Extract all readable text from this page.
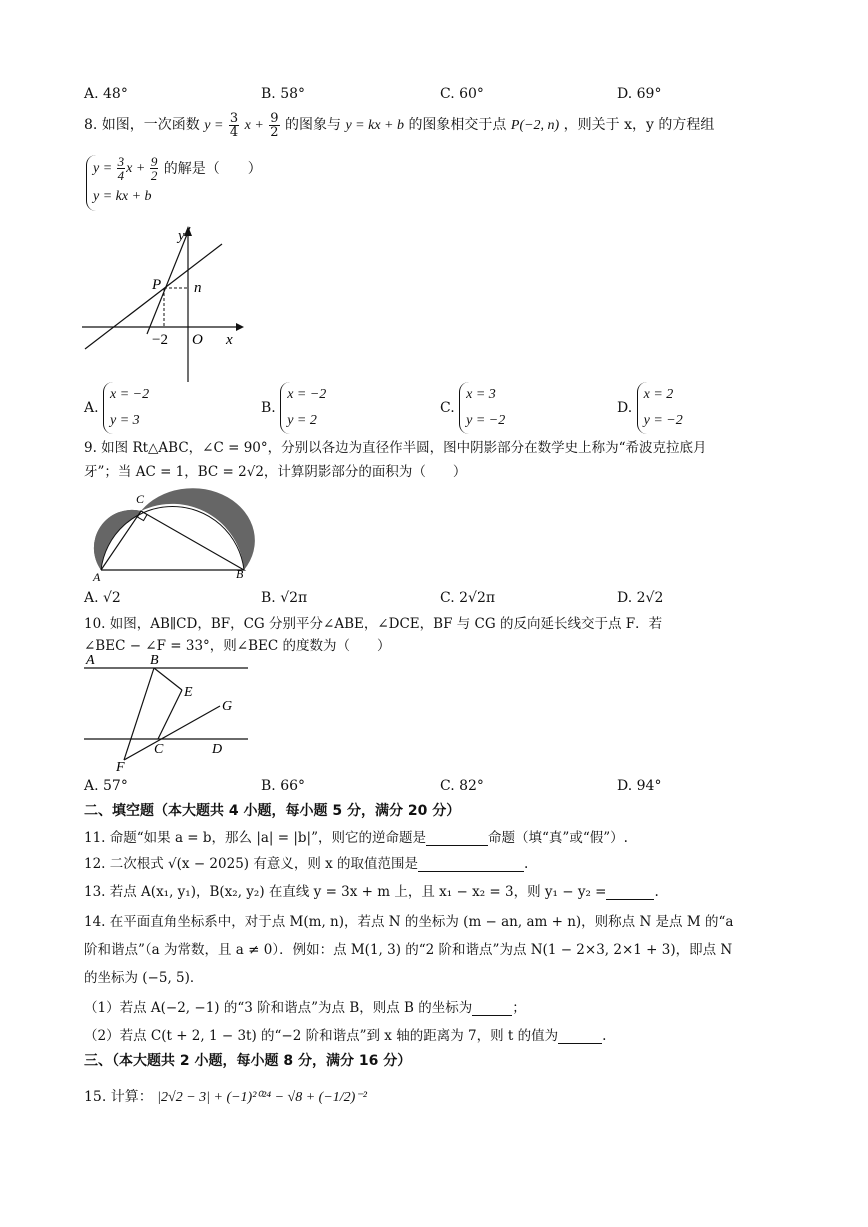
A. 48°	B. 58°	C. 60°	D. 69°
8. 如图，一次函数 $y = \frac{3}{4}$ $x + \frac{9}{2}$ 的图象与 y = kx + b 的图象相交于点 P(−2, n) ，则关于 x，y 的方程组
$y = \frac{3}{4}$ $x + \frac{9}{2}$
y = kx + b
的解是（　　）
y
x
O
P n
−2
A.
x = −2
y = 3
B.
x = −2
y = 2
C.
x = 3
y = −2
D.
x = 2
y = −2
9. 如图 Rt△ABC，∠C = 90°，分别以各边为直径作半圆，图中阴影部分在数学史上称为“希波克拉底月
牙”；当 AC = 1，BC = 2√2，计算阴影部分的面积为（　　）
A	B
C
A. √2	B. √2π	C. 2√2π	D. 2√2
10. 如图，AB∥CD，BF，CG 分别平分∠ABE，∠DCE，BF 与 CG 的反向延长线交于点 F．若
∠BEC − ∠F = 33°，则∠BEC 的度数为（　　）
A	B
E
G
C	D
F
A. 57°	B. 66°	C. 82°	D. 94°
二、填空题（本大题共 4 小题，每小题 5 分，满分 20 分）
11. 命题“如果 a = b，那么 |a| = |b|”，则它的逆命题是	命题（填“真”或“假”）.
12. 二次根式 √(x − 2025) 有意义，则 x 的取值范围是	.
13. 若点 A(x₁, y₁)，B(x₂, y₂) 在直线 y = 3x + m 上，且 x₁ − x₂ = 3，则 y₁ − y₂ =	.
14. 在平面直角坐标系中，对于点 M(m, n)，若点 N 的坐标为 (m − an, am + n)，则称点 N 是点 M 的“a
阶和谐点”（a 为常数，且 a ≠ 0）．例如：点 M(1, 3) 的“2 阶和谐点”为点 N(1 − 2×3, 2×1 + 3)，即点 N
的坐标为 (−5, 5)．
（1）若点 A(−2, −1) 的“3 阶和谐点”为点 B，则点 B 的坐标为	；
（2）若点 C(t + 2, 1 − 3t) 的“−2 阶和谐点”到 x 轴的距离为 7，则 t 的值为	.
三、（本大题共 2 小题，每小题 8 分，满分 16 分）
15. 计算： |2√2 − 3| + (−1)²⁰²⁴ − √8 + (−1/2)⁻²
